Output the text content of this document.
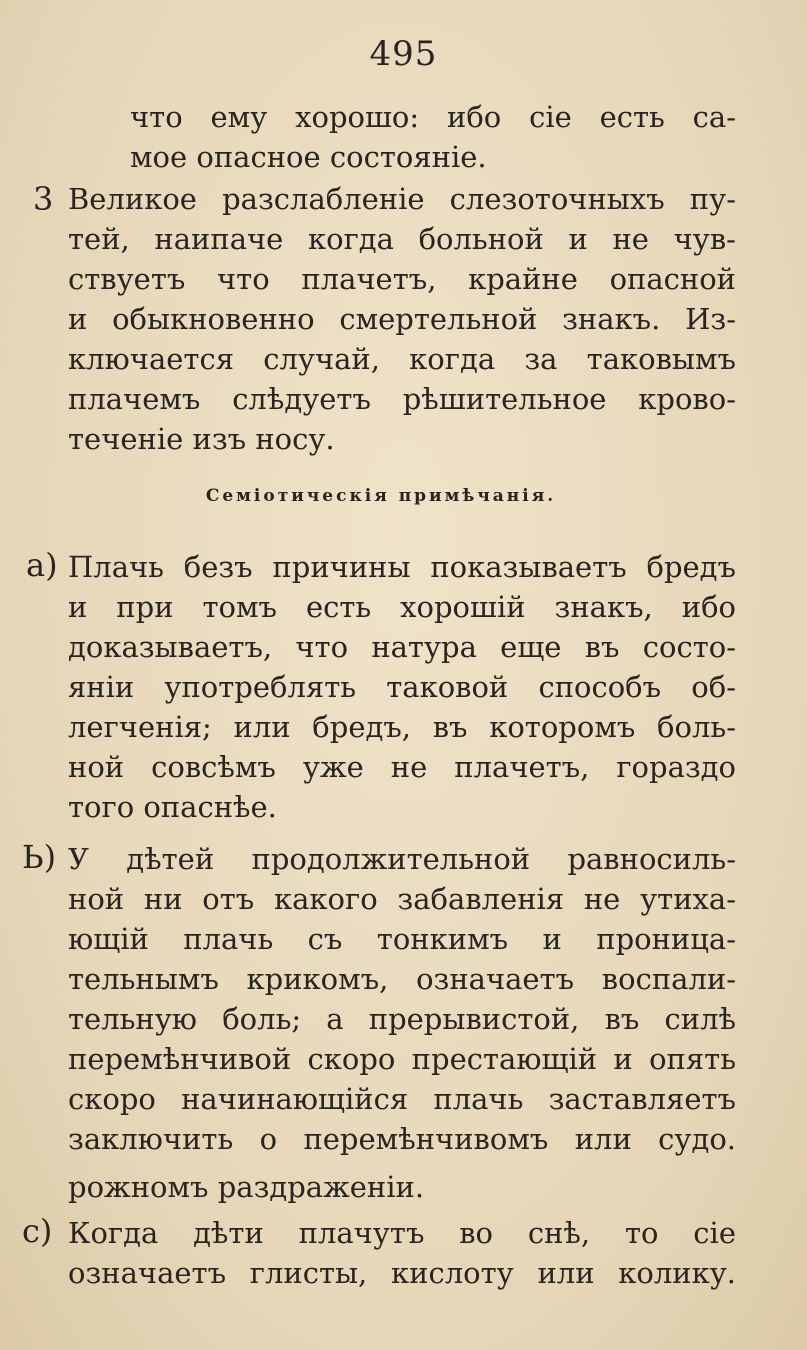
495
что ему хорошо: ибо сiе есть са-
мое опасное состоянiе.
3 Великое разслабленiе слезоточныхъ пу-
тей, наипаче когда больной и не чув-
ствуетъ что плачетъ, крайне опасной
и обыкновенно смертельной знакъ. Из-
ключается случай, когда за таковымъ
плачемъ слѣдуетъ рѣшительное крово-
теченiе изъ носу.
Семiотическiя примѣчанiя.
а) Плачь безъ причины показываетъ бредъ
и при томъ есть хорошiй знакъ, ибо
доказываетъ, что натура еще въ состо-
янiи употреблять таковой способъ об-
легченiя; или бредъ, въ которомъ боль-
ной совсѣмъ уже не плачетъ, гораздо
того опаснѣе.
Ь) У дѣтей продолжительной равносиль-
ной ни отъ какого забавленiя не утиха-
ющiй плачь съ тонкимъ и проница-
тельнымъ крикомъ, означаетъ воспали-
тельную боль; а прерывистой, въ силѣ
перемѣнчивой скоро престающiй и опять
скоро начинающiйся плачь заставляетъ
заключить о перемѣнчивомъ или судо.
рожномъ раздраженiи.
с) Когда дѣти плачутъ во снѣ, то сiе
означаетъ глисты, кислоту или колику.
